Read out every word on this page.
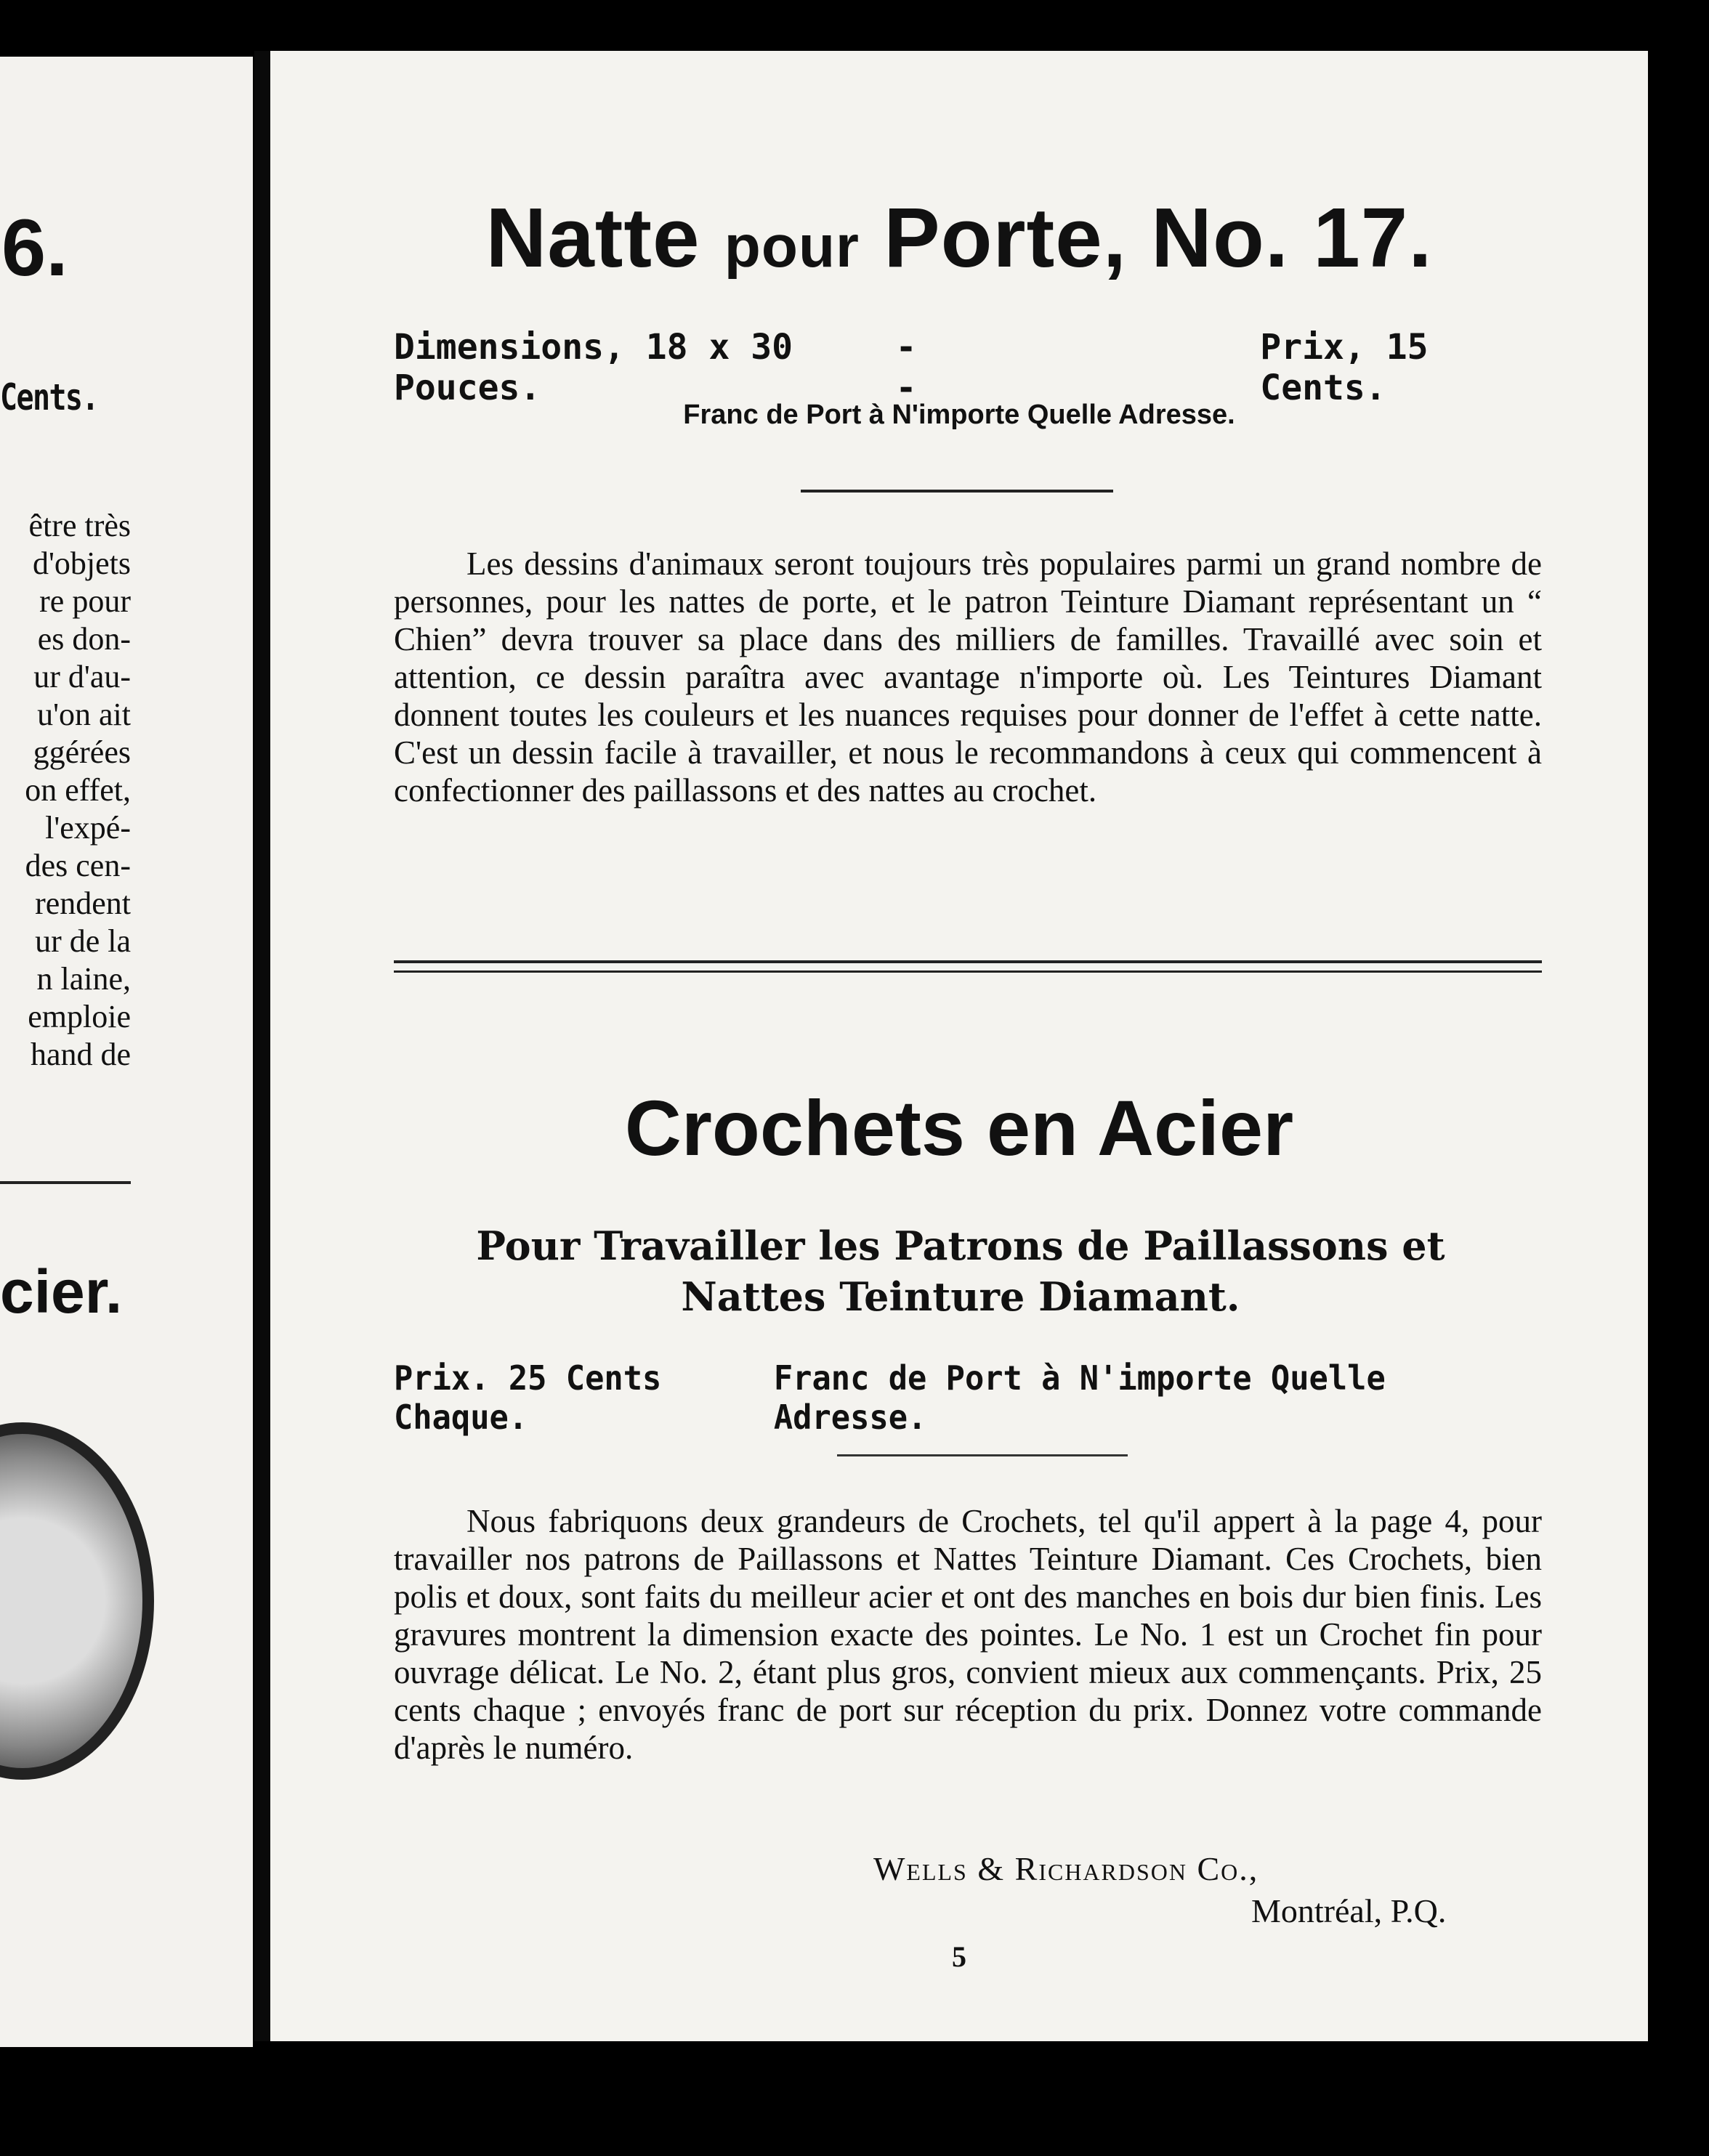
6.
Cents.
être très
d'objets
re pour
es don-
ur d'au-
u'on ait
ggérées
on effet,
l'expé-
des cen-
rendent
ur de la
n laine,
emploie
hand de
cier.
Natte pour Porte, No. 17.
Dimensions, 18 x 30 Pouces.
- -
Prix, 15 Cents.
Franc de Port à N'importe Quelle Adresse.
Les dessins d'animaux seront toujours très populaires parmi un grand nombre de personnes, pour les nattes de porte, et le patron Teinture Diamant représentant un “ Chien” devra trouver sa place dans des milliers de familles. Travaillé avec soin et attention, ce dessin paraîtra avec avantage n'importe où. Les Teintures Diamant donnent toutes les couleurs et les nuances requises pour donner de l'effet à cette natte. C'est un dessin facile à travailler, et nous le recommandons à ceux qui commencent à confectionner des paillassons et des nattes au crochet.
Crochets en Acier
Pour Travailler les Patrons de Paillassons et Nattes Teinture Diamant.
Prix. 25 Cents Chaque.
Franc de Port à N'importe Quelle Adresse.
Nous fabriquons deux grandeurs de Crochets, tel qu'il appert à la page 4, pour travailler nos patrons de Paillassons et Nattes Teinture Diamant. Ces Crochets, bien polis et doux, sont faits du meilleur acier et ont des manches en bois dur bien finis. Les gravures montrent la dimension exacte des pointes. Le No. 1 est un Crochet fin pour ouvrage délicat. Le No. 2, étant plus gros, convient mieux aux commençants. Prix, 25 cents chaque ; envoyés franc de port sur réception du prix. Donnez votre commande d'après le numéro.
Wells & Richardson Co.,
Montréal, P.Q.
5
